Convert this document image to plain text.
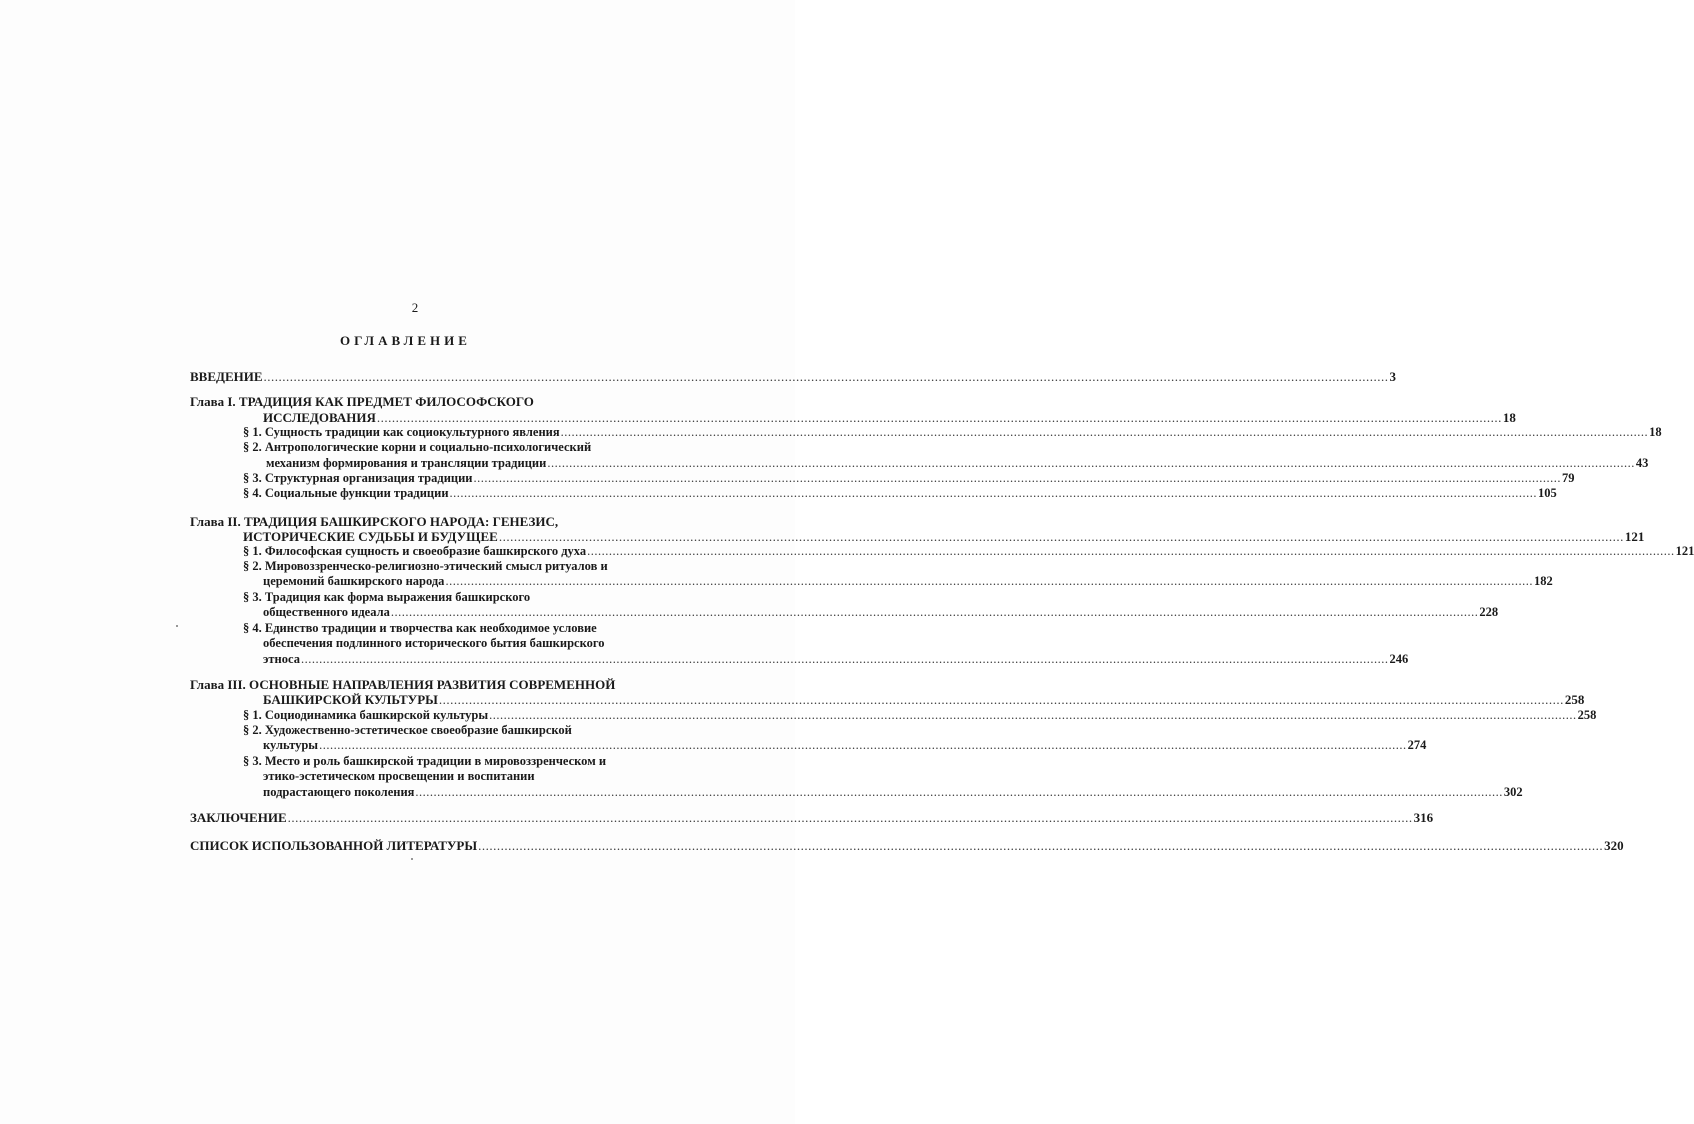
2
ОГЛАВЛЕНИЕ
ВВЕДЕНИЕ ............................................................................................................................................................................................................................................................................................................ 3
Глава I. ТРАДИЦИЯ КАК ПРЕДМЕТ ФИЛОСОФСКОГО
ИССЛЕДОВАНИЯ ............................................................................................................................................................................................................................................................................................................ 18
§ 1. Сущность традиции как социокультурного явления ............................................................................................................................................................................................................................................................................................................ 18
§ 2. Антропологические корни и социально-психологический
механизм формирования и трансляции традиции ............................................................................................................................................................................................................................................................................................................ 43
§ 3. Структурная организация традиции ............................................................................................................................................................................................................................................................................................................ 79
§ 4. Социальные функции традиции ............................................................................................................................................................................................................................................................................................................ 105
Глава II. ТРАДИЦИЯ БАШКИРСКОГО НАРОДА: ГЕНЕЗИС,
ИСТОРИЧЕСКИЕ СУДЬБЫ И БУДУЩЕЕ ............................................................................................................................................................................................................................................................................................................ 121
§ 1. Философская сущность и своеобразие башкирского духа ............................................................................................................................................................................................................................................................................................................ 121
§ 2. Мировоззренческо-религиозно-этический смысл ритуалов и
церемоний башкирского народа ............................................................................................................................................................................................................................................................................................................ 182
§ 3. Традиция как форма выражения башкирского
общественного идеала ............................................................................................................................................................................................................................................................................................................ 228
§ 4. Единство традиции и творчества как необходимое условие
обеспечения подлинного исторического бытия башкирского
этноса ............................................................................................................................................................................................................................................................................................................ 246
Глава III. ОСНОВНЫЕ НАПРАВЛЕНИЯ РАЗВИТИЯ СОВРЕМЕННОЙ
БАШКИРСКОЙ КУЛЬТУРЫ ............................................................................................................................................................................................................................................................................................................ 258
§ 1. Социодинамика башкирской культуры ............................................................................................................................................................................................................................................................................................................ 258
§ 2. Художественно-эстетическое своеобразие башкирской
культуры ............................................................................................................................................................................................................................................................................................................ 274
§ 3. Место и роль башкирской традиции в мировоззренческом и
этико-эстетическом просвещении и воспитании
подрастающего поколения ............................................................................................................................................................................................................................................................................................................ 302
ЗАКЛЮЧЕНИЕ ............................................................................................................................................................................................................................................................................................................ 316
СПИСОК ИСПОЛЬЗОВАННОЙ ЛИТЕРАТУРЫ ............................................................................................................................................................................................................................................................................................................ 320
